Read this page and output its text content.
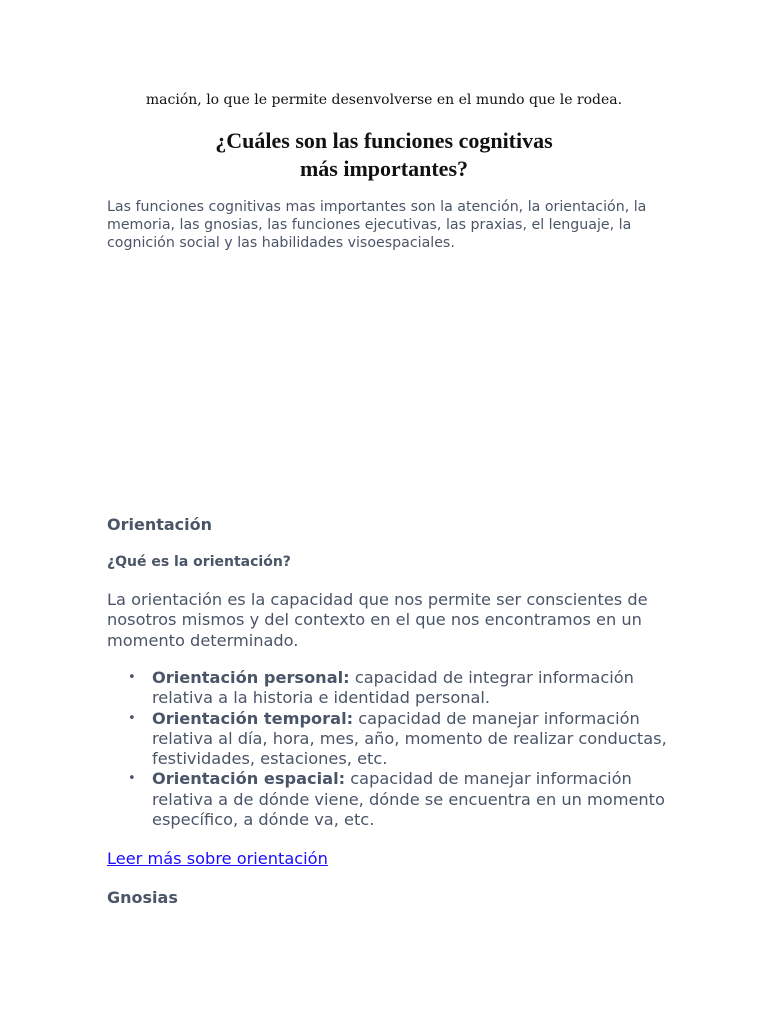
mación, lo que le permite desenvolverse en el mundo que le rodea.

¿Cuáles son las funciones cognitivas
más importantes?

Las funciones cognitivas mas importantes son la atención, la orientación, la memoria, las gnosias, las funciones ejecutivas, las praxias, el lenguaje, la cognición social y las habilidades visoespaciales.

Orientación
¿Qué es la orientación?

La orientación es la capacidad que nos permite ser conscientes de nosotros mismos y del contexto en el que nos encontramos en un momento determinado.

• Orientación personal: capacidad de integrar información relativa a la historia e identidad personal.
• Orientación temporal: capacidad de manejar información relativa al día, hora, mes, año, momento de realizar conductas, festividades, estaciones, etc.
• Orientación espacial: capacidad de manejar información relativa a de dónde viene, dónde se encuentra en un momento específico, a dónde va, etc.
Leer más sobre orientación
Gnosias
